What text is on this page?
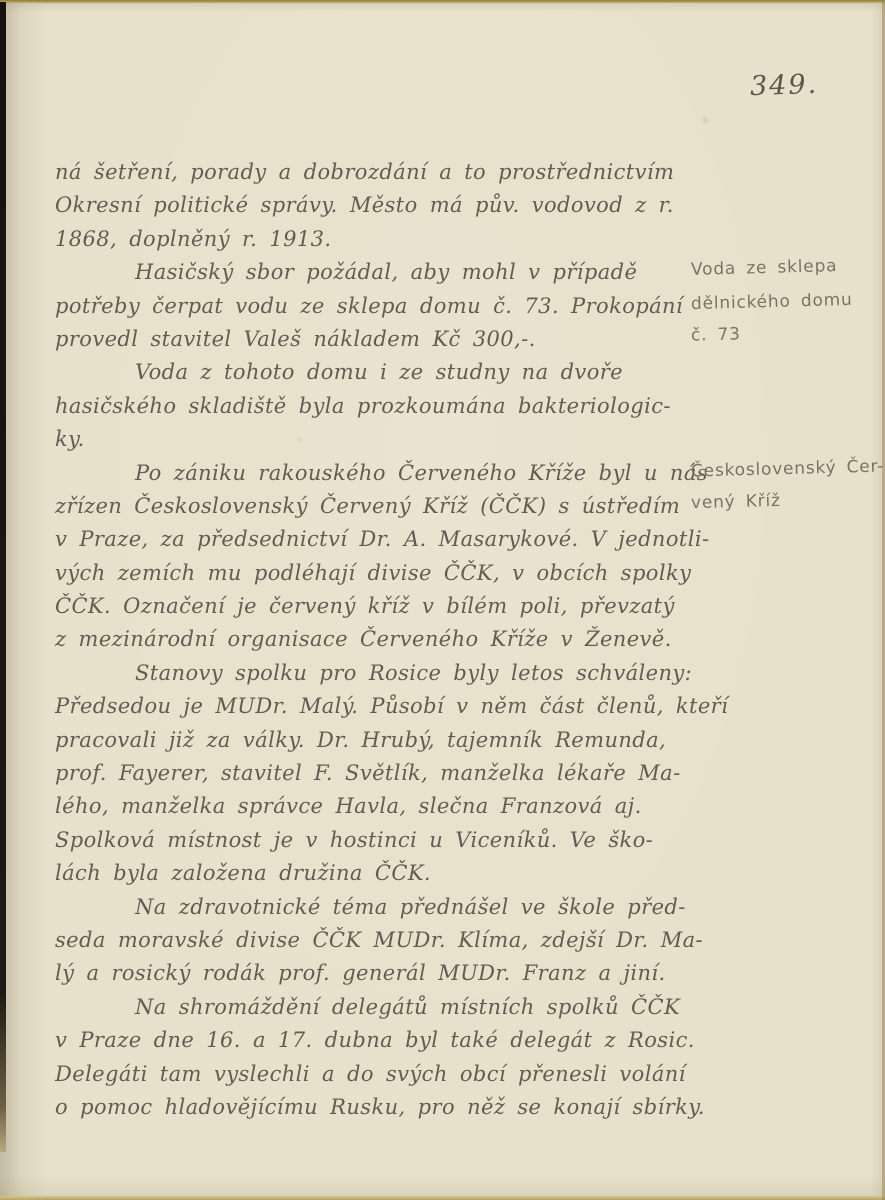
349.
ná šetření, porady a dobrozdání a to prostřednictvím
Okresní politické správy. Město má pův. vodovod z r.
1868, doplněný r. 1913.
Hasičský sbor požádal, aby mohl v případě	Voda ze sklepa
potřeby čerpat vodu ze sklepa domu č. 73. Prokopání dělnického domu
provedl stavitel Valeš nákladem Kč 300,-.	č. 73
Voda z tohoto domu i ze studny na dvoře
hasičského skladiště byla prozkoumána bakteriologic-
ky.
Po zániku rakouského Červeného Kříže byl u nás
Československý Čer-
zřízen Československý Červený Kříž (ČČK) s ústředím vený Kříž
v Praze, za předsednictví Dr. A. Masarykové. V jednotli-
vých zemích mu podléhají divise ČČK, v obcích spolky
ČČK. Označení je červený kříž v bílém poli, převzatý
z mezinárodní organisace Červeného Kříže v Ženevě.
Stanovy spolku pro Rosice byly letos schváleny:
Předsedou je MUDr. Malý. Působí v něm část členů, kteří
pracovali již za války. Dr. Hrubý, tajemník Remunda,
prof. Fayerer, stavitel F. Světlík, manželka lékaře Ma-
lého, manželka správce Havla, slečna Franzová aj.
Spolková místnost je v hostinci u Viceníků. Ve ško-
lách byla založena družina ČČK.
Na zdravotnické téma přednášel ve škole před-
seda moravské divise ČČK MUDr. Klíma, zdejší Dr. Ma-
lý a rosický rodák prof. generál MUDr. Franz a jiní.
Na shromáždění delegátů místních spolků ČČK
v Praze dne 16. a 17. dubna byl také delegát z Rosic.
Delegáti tam vyslechli a do svých obcí přenesli volání
o pomoc hladovějícímu Rusku, pro něž se konají sbírky.
